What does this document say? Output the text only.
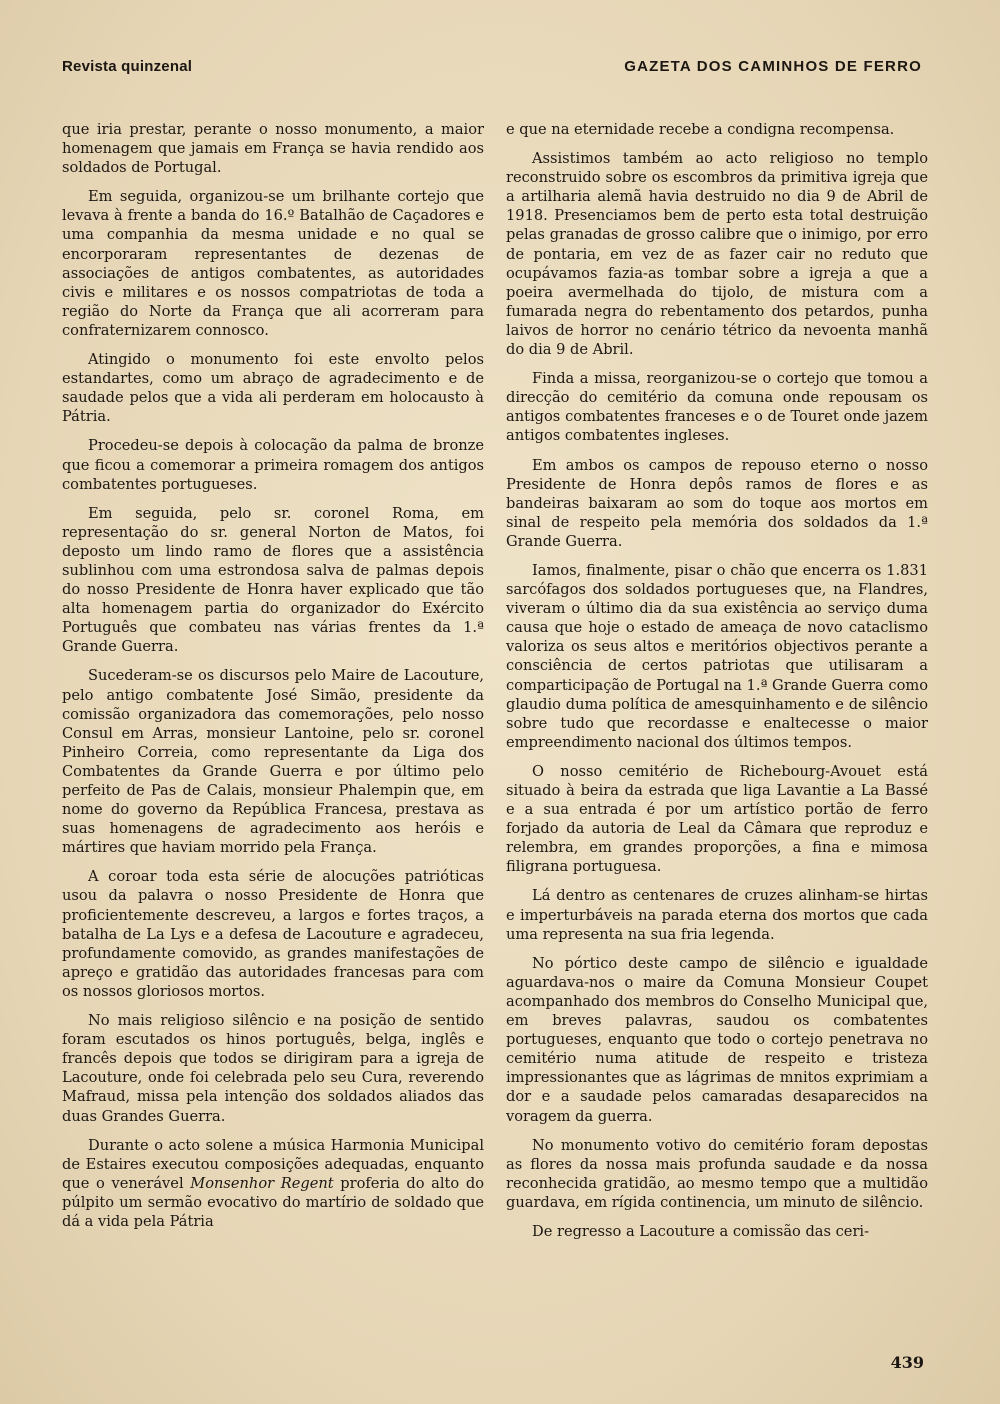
Revista quinzenal	GAZETA DOS CAMINHOS DE FERRO

que iria prestar, perante o nosso monumento, a maior homenagem que jamais em França se havia rendido aos soldados de Portugal.

Em seguida, organizou-se um brilhante cortejo que levava à frente a banda do 16.º Batalhão de Caçadores e uma companhia da mesma unidade e no qual se encorporaram representantes de dezenas de associações de antigos combatentes, as autoridades civis e militares e os nossos compatriotas de toda a região do Norte da França que ali acorreram para confraternizarem connosco.

Atingido o monumento foi este envolto pelos estandartes, como um abraço de agradecimento e de saudade pelos que a vida ali perderam em holocausto à Pátria.

Procedeu-se depois à colocação da palma de bronze que ficou a comemorar a primeira romagem dos antigos combatentes portugueses.

Em seguida, pelo sr. coronel Roma, em representação do sr. general Norton de Matos, foi deposto um lindo ramo de flores que a assistência sublinhou com uma estrondosa salva de palmas depois do nosso Presidente de Honra haver explicado que tão alta homenagem partia do organizador do Exército Português que combateu nas várias frentes da 1.ª Grande Guerra.

Sucederam-se os discursos pelo Maire de Lacouture, pelo antigo combatente José Simão, presidente da comissão organizadora das comemorações, pelo nosso Consul em Arras, monsieur Lantoine, pelo sr. coronel Pinheiro Correia, como representante da Liga dos Combatentes da Grande Guerra e por último pelo perfeito de Pas de Calais, monsieur Phalempin que, em nome do governo da República Francesa, prestava as suas homenagens de agradecimento aos heróis e mártires que haviam morrido pela França.

A coroar toda esta série de alocuções patrióticas usou da palavra o nosso Presidente de Honra que proficientemente descreveu, a largos e fortes traços, a batalha de La Lys e a defesa de Lacouture e agradeceu, profundamente comovido, as grandes manifestações de apreço e gratidão das autoridades francesas para com os nossos gloriosos mortos.

No mais religioso silêncio e na posição de sentido foram escutados os hinos português, belga, inglês e francês depois que todos se dirigiram para a igreja de Lacouture, onde foi celebrada pelo seu Cura, reverendo Mafraud, missa pela intenção dos soldados aliados das duas Grandes Guerra.

Durante o acto solene a música Harmonia Municipal de Estaires executou composições adequadas, enquanto que o venerável Monsenhor Regent proferia do alto do púlpito um sermão evocativo do martírio de soldado que dá a vida pela Pátria

e que na eternidade recebe a condigna recompensa.

Assistimos também ao acto religioso no templo reconstruido sobre os escombros da primitiva igreja que a artilharia alemã havia destruido no dia 9 de Abril de 1918. Presenciamos bem de perto esta total destruição pelas granadas de grosso calibre que o inimigo, por erro de pontaria, em vez de as fazer cair no reduto que ocupávamos fazia-as tombar sobre a igreja a que a poeira avermelhada do tijolo, de mistura com a fumarada negra do rebentamento dos petardos, punha laivos de horror no cenário tétrico da nevoenta manhã do dia 9 de Abril.

Finda a missa, reorganizou-se o cortejo que tomou a direcção do cemitério da comuna onde repousam os antigos combatentes franceses e o de Touret onde jazem antigos combatentes ingleses.

Em ambos os campos de repouso eterno o nosso Presidente de Honra depôs ramos de flores e as bandeiras baixaram ao som do toque aos mortos em sinal de respeito pela memória dos soldados da 1.ª Grande Guerra.

Iamos, finalmente, pisar o chão que encerra os 1.831 sarcófagos dos soldados portugueses que, na Flandres, viveram o último dia da sua existência ao serviço duma causa que hoje o estado de ameaça de novo cataclismo valoriza os seus altos e meritórios objectivos perante a consciência de certos patriotas que utilisaram a comparticipação de Portugal na 1.ª Grande Guerra como glaudio duma política de amesquinhamento e de silêncio sobre tudo que recordasse e enaltecesse o maior empreendimento nacional dos últimos tempos.

O nosso cemitério de Richebourg-Avouet está situado à beira da estrada que liga Lavantie a La Bassé e a sua entrada é por um artístico portão de ferro forjado da autoria de Leal da Câmara que reproduz e relembra, em grandes proporções, a fina e mimosa filigrana portuguesa.

Lá dentro as centenares de cruzes alinham-se hirtas e imperturbáveis na parada eterna dos mortos que cada uma representa na sua fria legenda.

No pórtico deste campo de silêncio e igualdade aguardava-nos o maire da Comuna Monsieur Coupet acompanhado dos membros do Conselho Municipal que, em breves palavras, saudou os combatentes portugueses, enquanto que todo o cortejo penetrava no cemitério numa atitude de respeito e tristeza impressionantes que as lágrimas de mnitos exprimiam a dor e a saudade pelos camaradas desaparecidos na voragem da guerra.

No monumento votivo do cemitério foram depostas as flores da nossa mais profunda saudade e da nossa reconhecida gratidão, ao mesmo tempo que a multidão guardava, em rígida continencia, um minuto de silêncio.

De regresso a Lacouture a comissão das ceri-

439
